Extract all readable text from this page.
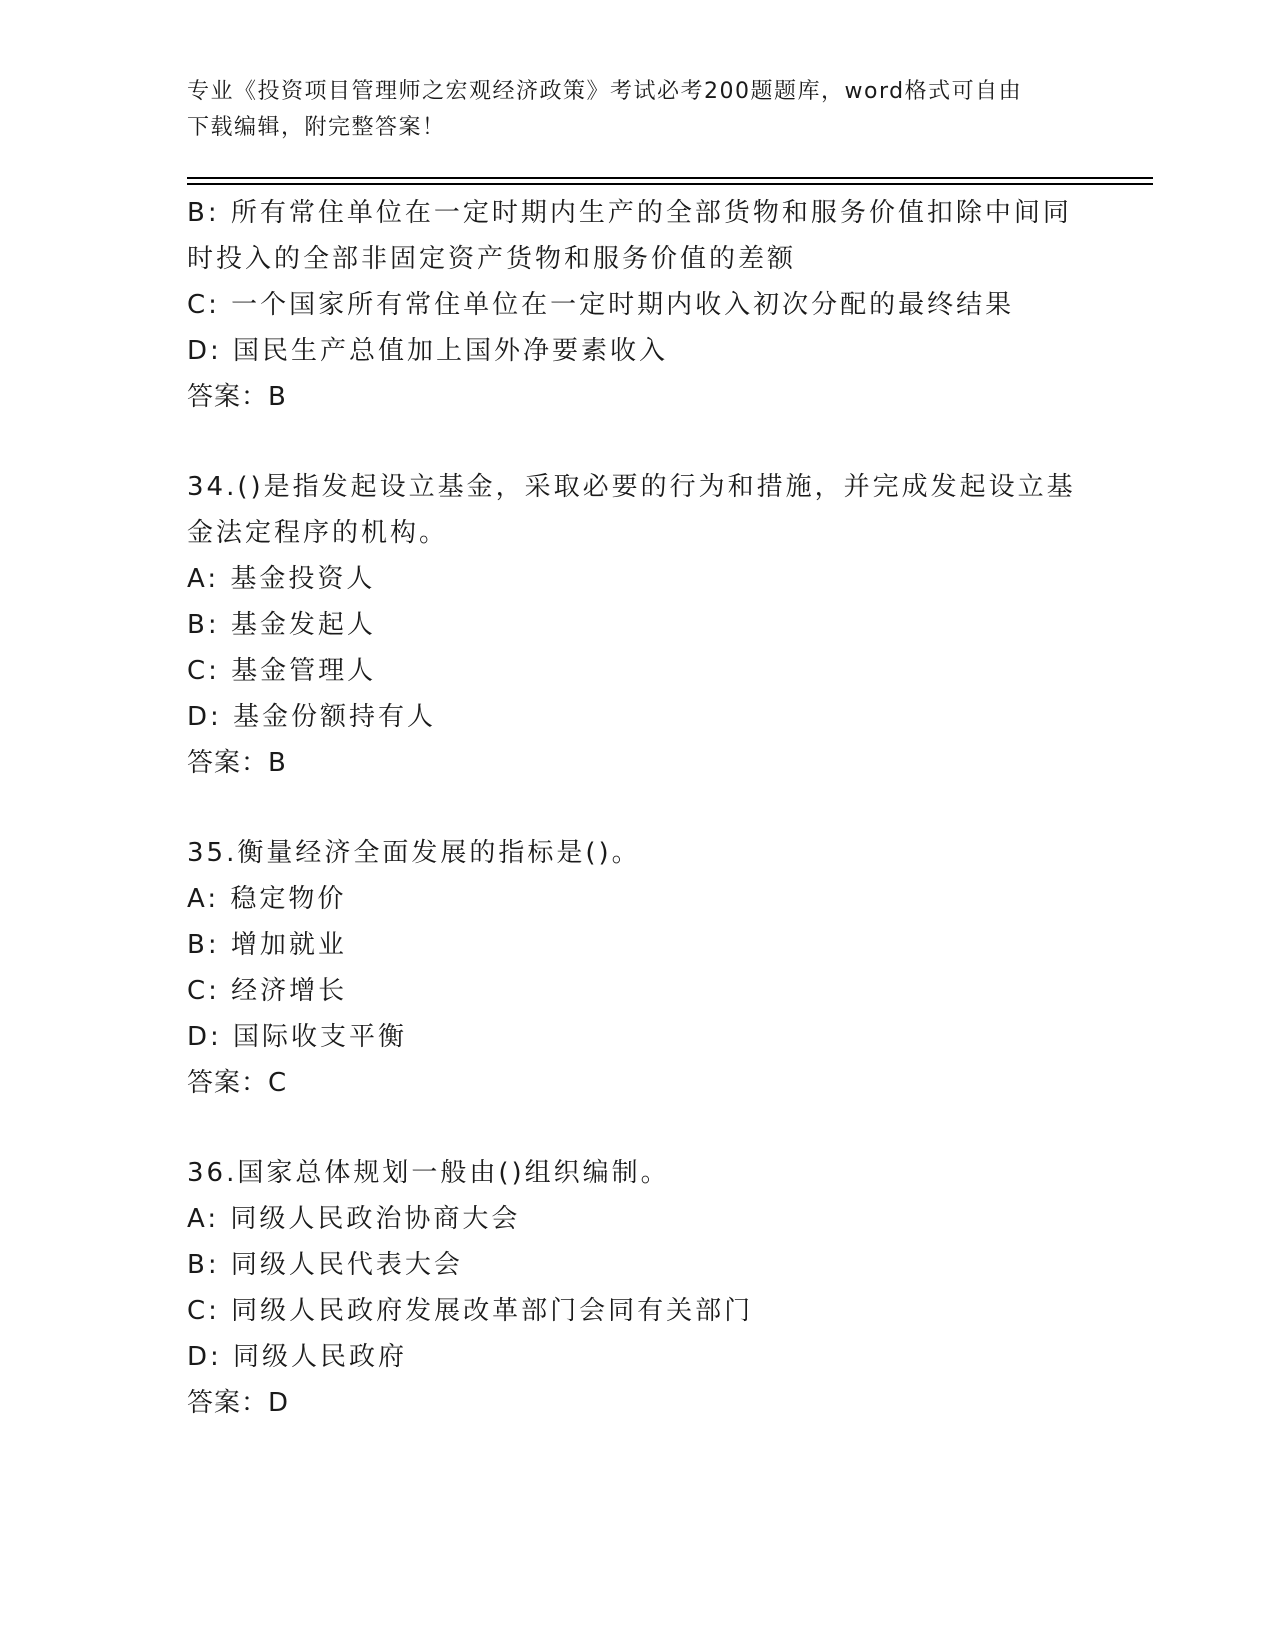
专业《投资项目管理师之宏观经济政策》考试必考200题题库，word格式可自由
下载编辑，附完整答案！
B: 所有常住单位在一定时期内生产的全部货物和服务价值扣除中间同
时投入的全部非固定资产货物和服务价值的差额
C: 一个国家所有常住单位在一定时期内收入初次分配的最终结果
D: 国民生产总值加上国外净要素收入
答案：B
34.()是指发起设立基金，采取必要的行为和措施，并完成发起设立基
金法定程序的机构。
A: 基金投资人
B: 基金发起人
C: 基金管理人
D: 基金份额持有人
答案：B
35.衡量经济全面发展的指标是()。
A: 稳定物价
B: 增加就业
C: 经济增长
D: 国际收支平衡
答案：C
36.国家总体规划一般由()组织编制。
A: 同级人民政治协商大会
B: 同级人民代表大会
C: 同级人民政府发展改革部门会同有关部门
D: 同级人民政府
答案：D
